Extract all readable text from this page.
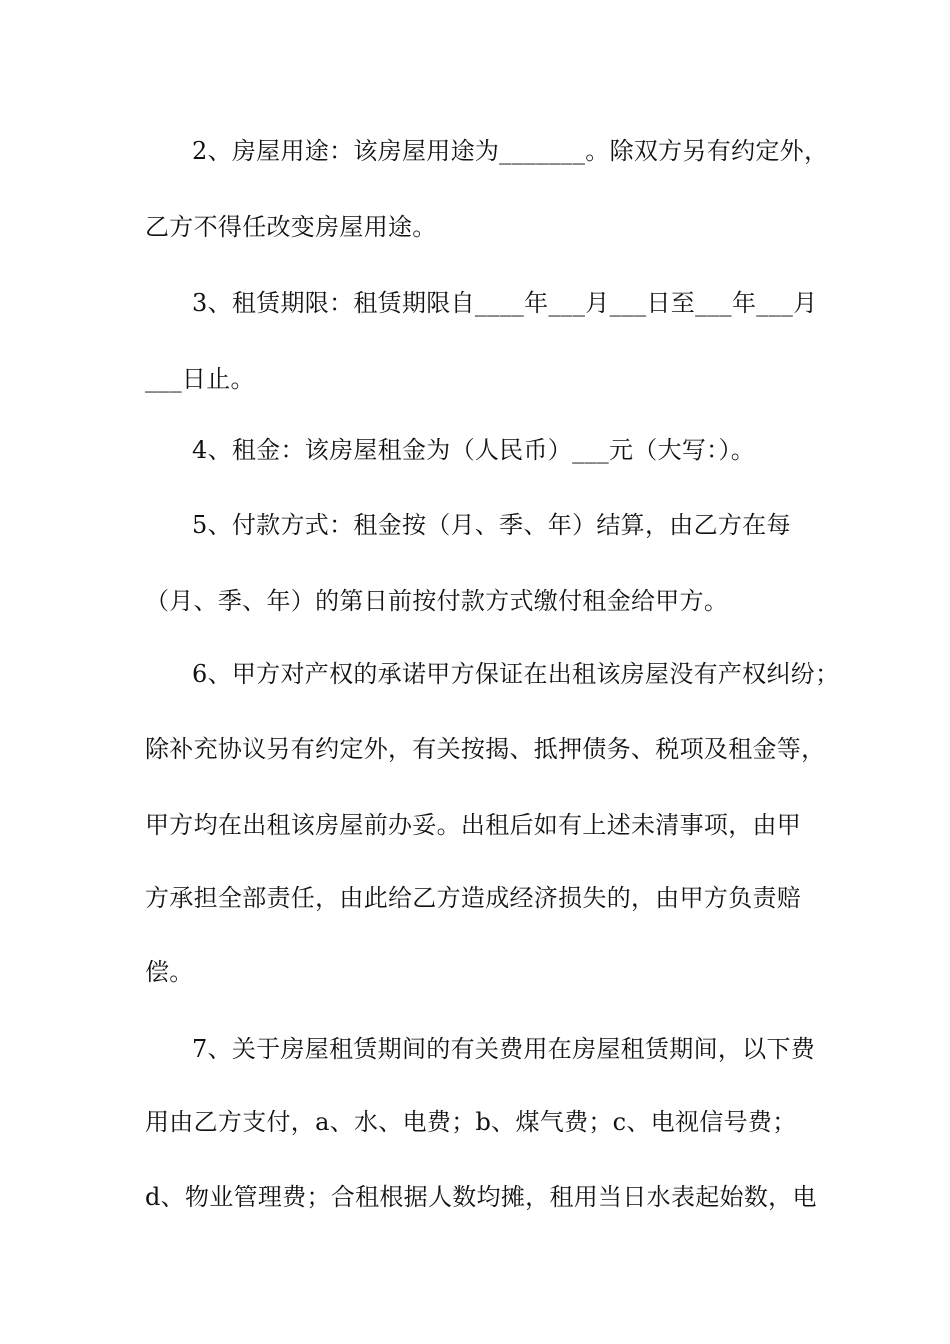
2、房屋用途：该房屋用途为_______。除双方另有约定外，
乙方不得任改变房屋用途。
3、租赁期限：租赁期限自____年___月___日至___年___月
___日止。
4、租金：该房屋租金为（人民币）___元（大写：）。
5、付款方式：租金按（月、季、年）结算，由乙方在每
（月、季、年）的第日前按付款方式缴付租金给甲方。
6、甲方对产权的承诺甲方保证在出租该房屋没有产权纠纷；
除补充协议另有约定外，有关按揭、抵押债务、税项及租金等，
甲方均在出租该房屋前办妥。出租后如有上述未清事项，由甲
方承担全部责任，由此给乙方造成经济损失的，由甲方负责赔
偿。
7、关于房屋租赁期间的有关费用在房屋租赁期间，以下费
用由乙方支付，a、水、电费；b、煤气费；c、电视信号费；
d、物业管理费；合租根据人数均摊，租用当日水表起始数，电
